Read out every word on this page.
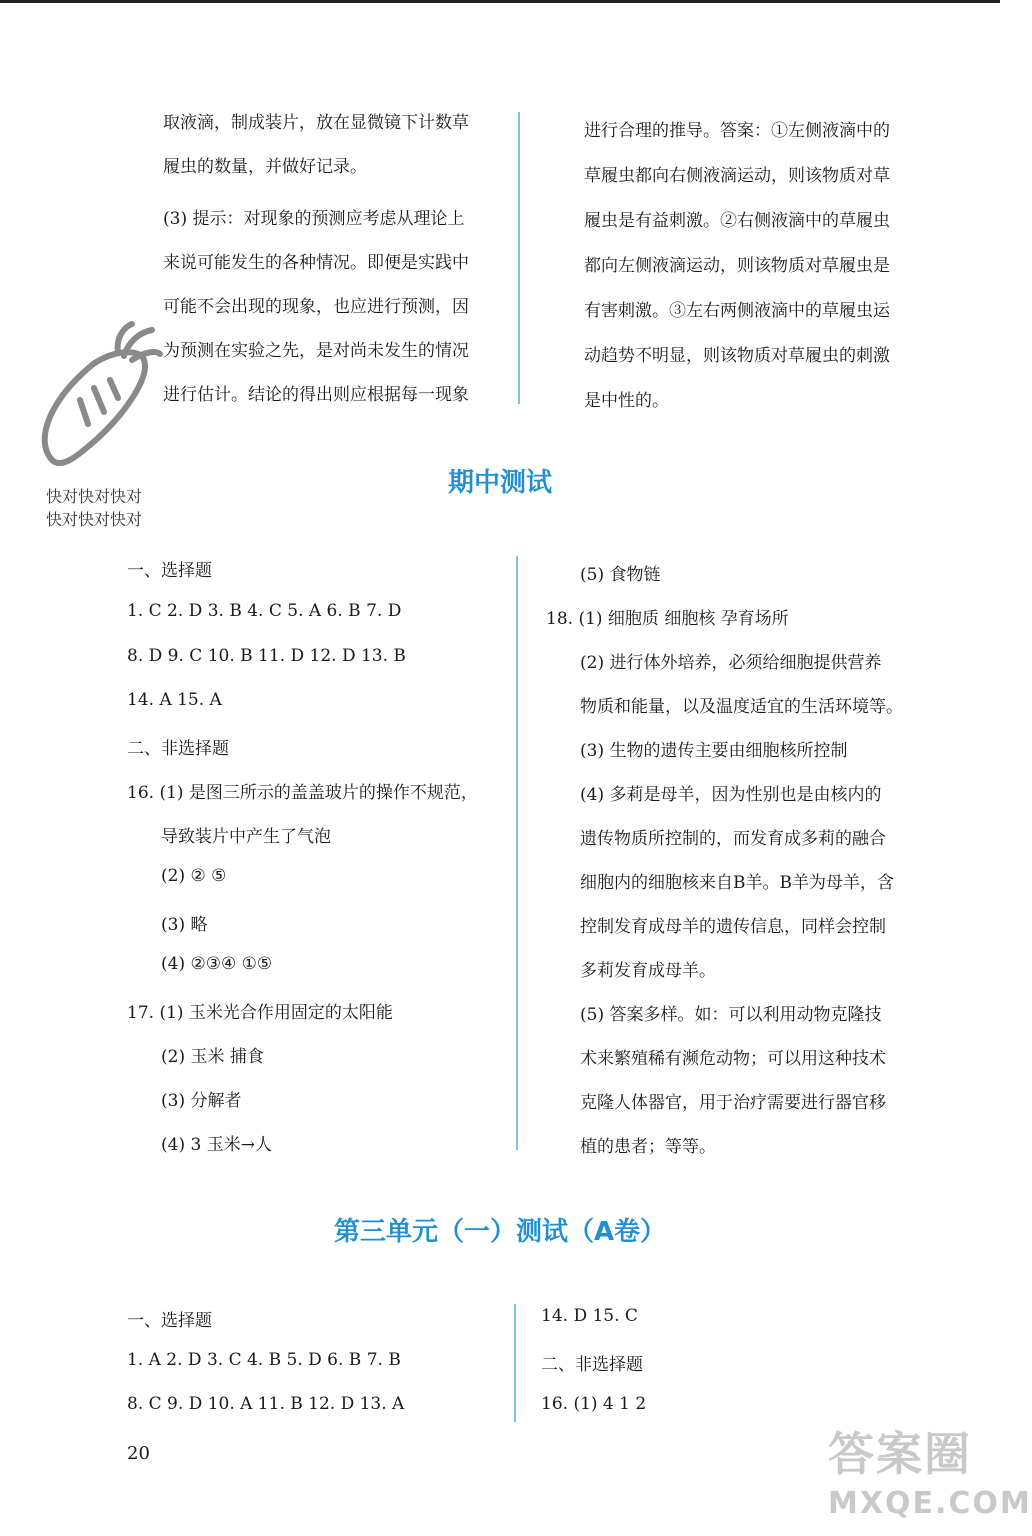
取液滴，制成装片，放在显微镜下计数草
履虫的数量，并做好记录。
(3) 提示：对现象的预测应考虑从理论上
来说可能发生的各种情况。即便是实践中
可能不会出现的现象，也应进行预测，因
为预测在实验之先，是对尚未发生的情况
进行估计。结论的得出则应根据每一现象
进行合理的推导。答案：①左侧液滴中的
草履虫都向右侧液滴运动，则该物质对草
履虫是有益刺激。②右侧液滴中的草履虫
都向左侧液滴运动，则该物质对草履虫是
有害刺激。③左右两侧液滴中的草履虫运
动趋势不明显，则该物质对草履虫的刺激
是中性的。
快对快对快对
快对快对快对
期中测试
一、选择题
1. C 2. D 3. B 4. C 5. A 6. B 7. D
8. D 9. C 10. B 11. D 12. D 13. B
14. A 15. A
二、非选择题
16. (1) 是图三所示的盖盖玻片的操作不规范，
导致装片中产生了气泡
(2) ② ⑤
(3) 略
(4) ②③④ ①⑤
17. (1) 玉米光合作用固定的太阳能
(2) 玉米 捕食
(3) 分解者
(4) 3 玉米→人
(5) 食物链
18. (1) 细胞质 细胞核 孕育场所
(2) 进行体外培养，必须给细胞提供营养
物质和能量，以及温度适宜的生活环境等。
(3) 生物的遗传主要由细胞核所控制
(4) 多莉是母羊，因为性别也是由核内的
遗传物质所控制的，而发育成多莉的融合
细胞内的细胞核来自B羊。B羊为母羊，含
控制发育成母羊的遗传信息，同样会控制
多莉发育成母羊。
(5) 答案多样。如：可以利用动物克隆技
术来繁殖稀有濒危动物；可以用这种技术
克隆人体器官，用于治疗需要进行器官移
植的患者；等等。
第三单元（一）测试（A卷）
一、选择题
1. A 2. D 3. C 4. B 5. D 6. B 7. B
8. C 9. D 10. A 11. B 12. D 13. A
14. D 15. C
二、非选择题
16. (1) 4 1 2
20	答案圈
MXQE.COM
